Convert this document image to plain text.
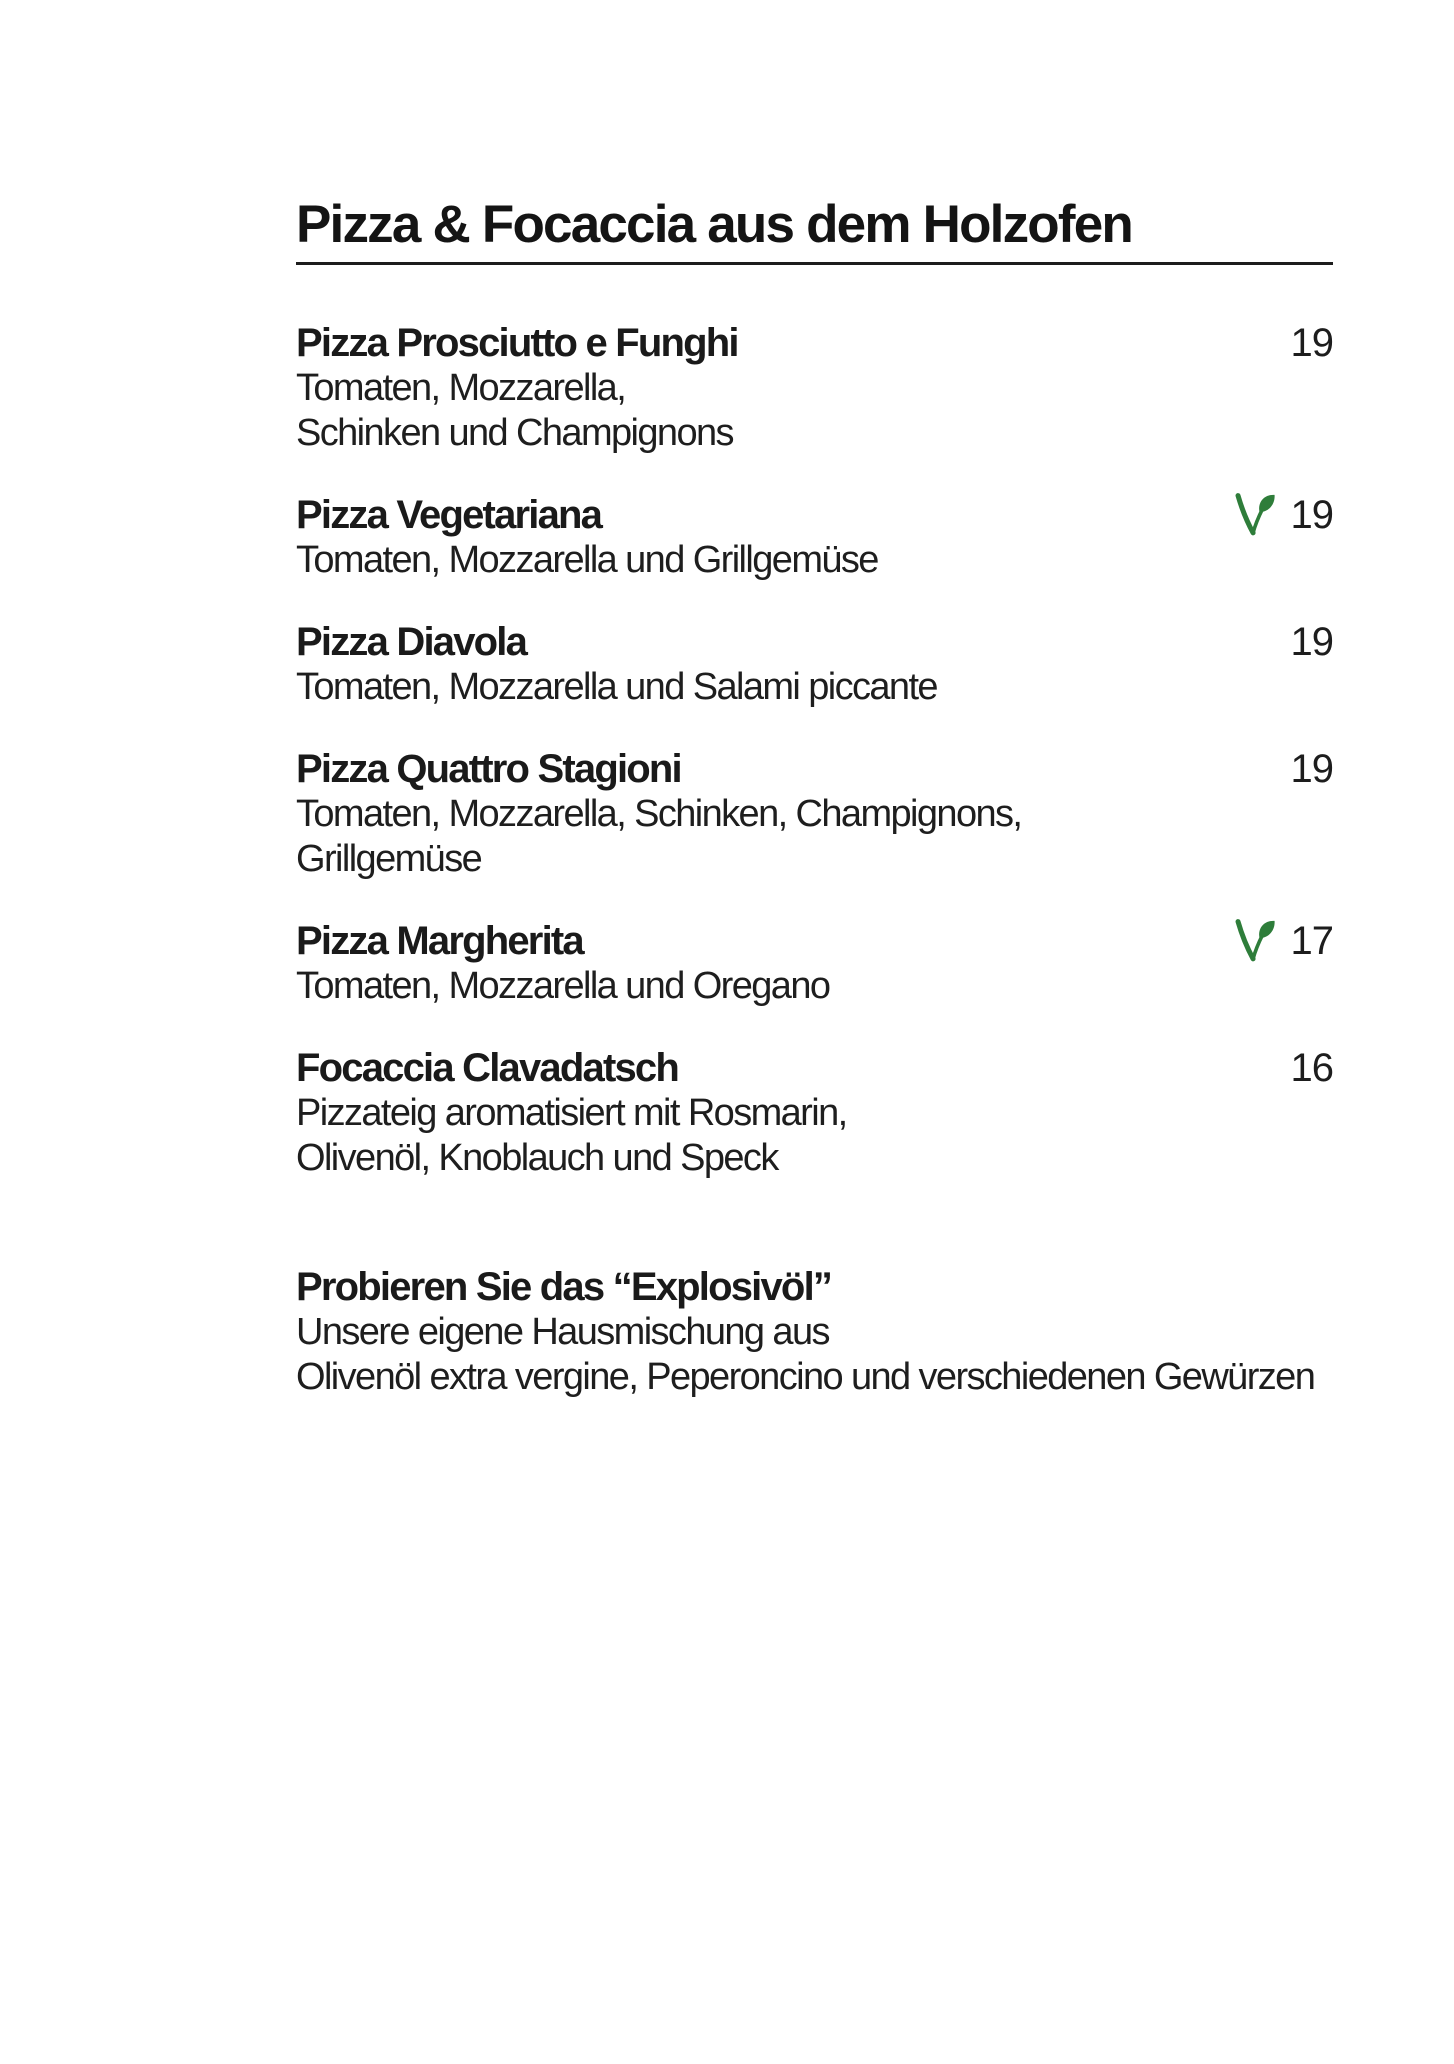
Pizza & Focaccia aus dem Holzofen
Pizza Prosciutto e Funghi	19
Tomaten, Mozzarella,
Schinken und Champignons
Pizza Vegetariana	19
Tomaten, Mozzarella und Grillgemüse
Pizza Diavola	19
Tomaten, Mozzarella und Salami piccante
Pizza Quattro Stagioni	19
Tomaten, Mozzarella, Schinken, Champignons,
Grillgemüse
Pizza Margherita	17
Tomaten, Mozzarella und Oregano
Focaccia Clavadatsch	16
Pizzateig aromatisiert mit Rosmarin,
Olivenöl, Knoblauch und Speck
Probieren Sie das “Explosivöl”
Unsere eigene Hausmischung aus
Olivenöl extra vergine, Peperoncino und verschiedenen Gewürzen
